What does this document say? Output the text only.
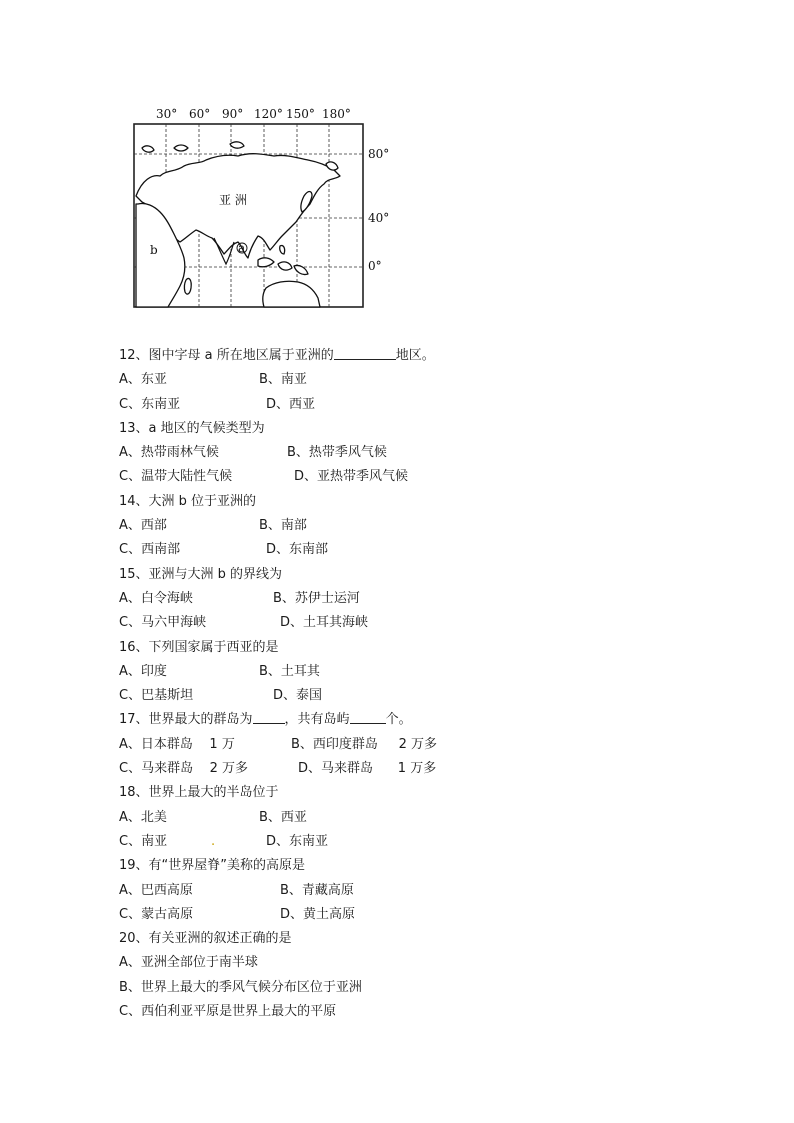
30° 60° 90° 120° 150° 180°
80°
40°
0°
亚 洲
a
b
12、图中字母 a 所在地区属于亚洲的	地区。
A、东亚	B、南亚
C、东南亚	D、西亚
13、a 地区的气候类型为
A、热带雨林气候	B、热带季风气候
C、温带大陆性气候	D、亚热带季风气候
14、大洲 b 位于亚洲的
A、西部	B、南部
C、西南部	D、东南部
15、亚洲与大洲 b 的界线为
A、白令海峡	B、苏伊士运河
C、马六甲海峡	D、土耳其海峡
16、下列国家属于西亚的是
A、印度	B、土耳其
C、巴基斯坦	D、泰国
17、世界最大的群岛为 ，共有岛屿	个。
A、日本群岛    1 万	B、西印度群岛     2 万多
C、马来群岛    2 万多	D、马来群岛      1 万多
18、世界上最大的半岛位于
A、北美	B、西亚
C、南亚	.	D、东南亚
19、有“世界屋脊”美称的高原是
A、巴西高原	B、青藏高原
C、蒙古高原	D、黄土高原
20、有关亚洲的叙述正确的是
A、亚洲全部位于南半球
B、世界上最大的季风气候分布区位于亚洲
C、西伯利亚平原是世界上最大的平原
